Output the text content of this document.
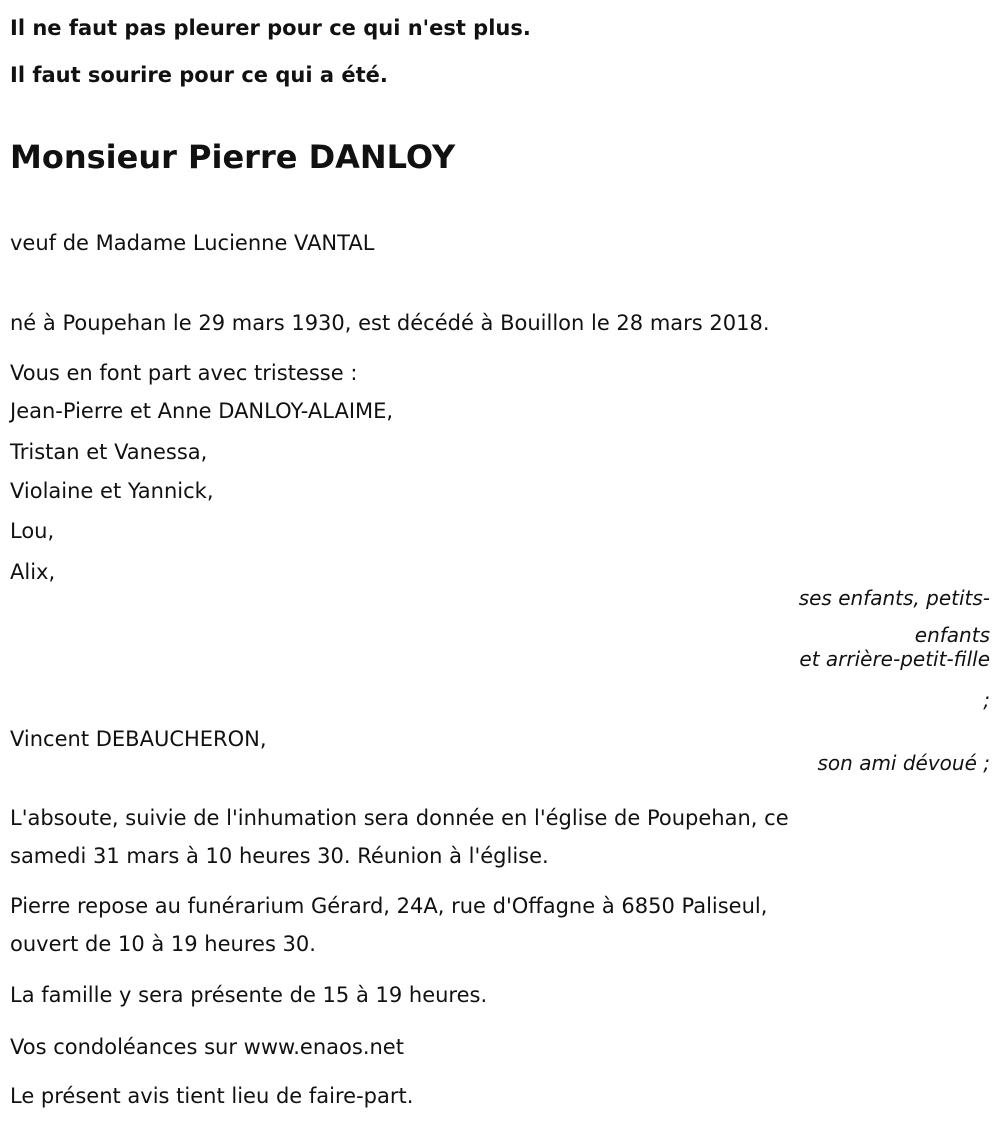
Il ne faut pas pleurer pour ce qui n'est plus.
Il faut sourire pour ce qui a été.
Monsieur Pierre DANLOY
veuf de Madame Lucienne VANTAL
né à Poupehan le 29 mars 1930, est décédé à Bouillon le 28 mars 2018.
Vous en font part avec tristesse :
Jean-Pierre et Anne DANLOY-ALAIME,
Tristan et Vanessa,
Violaine et Yannick,
Lou,
Alix,
ses enfants, petits-
enfants
et arrière-petit-fille
;
Vincent DEBAUCHERON,
son ami dévoué ;
L'absoute, suivie de l'inhumation sera donnée en l'église de Poupehan, ce
samedi 31 mars à 10 heures 30. Réunion à l'église.
Pierre repose au funérarium Gérard, 24A, rue d'Offagne à 6850 Paliseul,
ouvert de 10 à 19 heures 30.
La famille y sera présente de 15 à 19 heures.
Vos condoléances sur www.enaos.net
Le présent avis tient lieu de faire-part.
